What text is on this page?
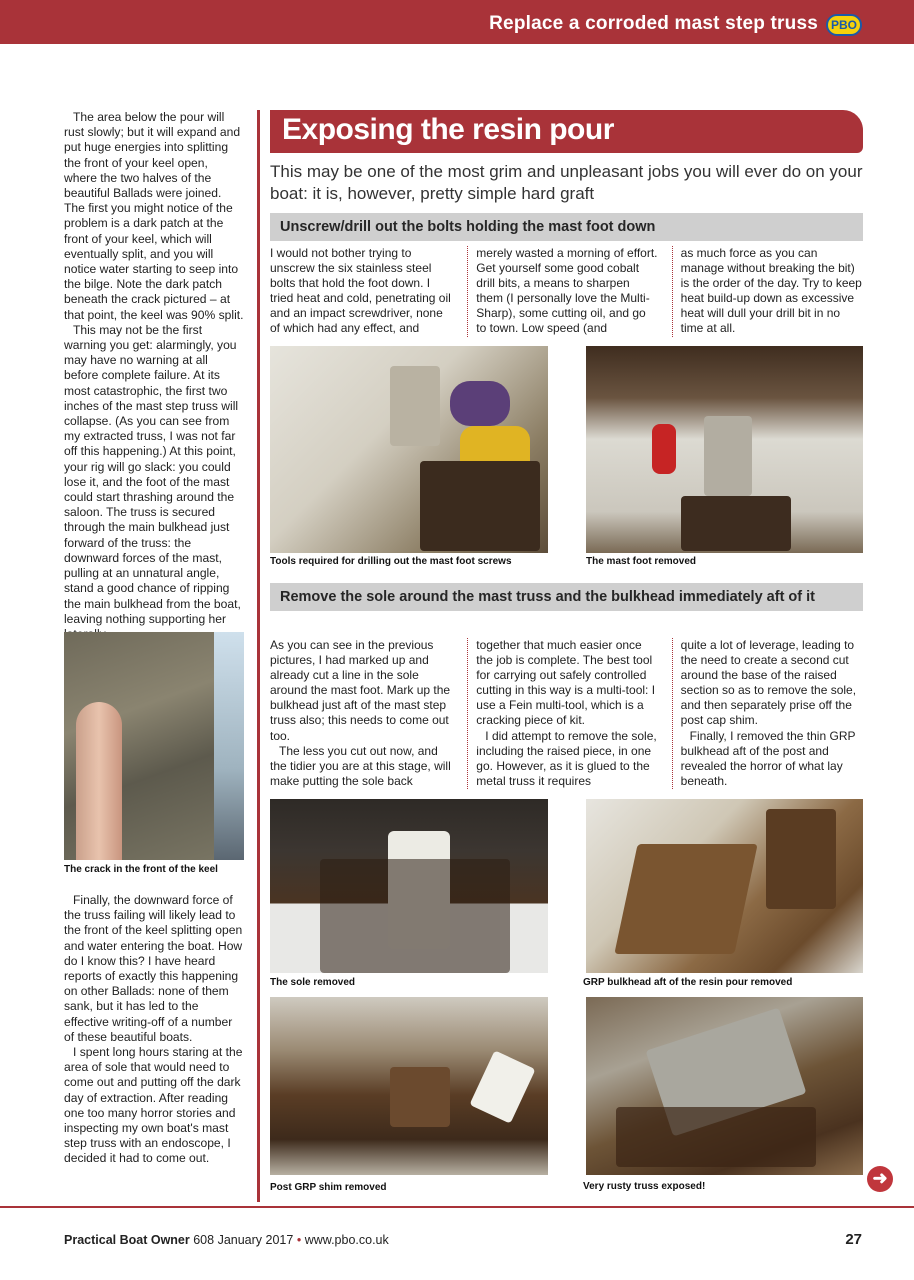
Replace a corroded mast step truss	PBO

The area below the pour will rust slowly; but it will expand and put huge energies into splitting the front of your keel open, where the two halves of the beautiful Ballads were joined. The first you might notice of the problem is a dark patch at the front of your keel, which will eventually split, and you will notice water starting to seep into the bilge. Note the dark patch beneath the crack pictured – at that point, the keel was 90% split.

This may not be the first warning you get: alarmingly, you may have no warning at all before complete failure. At its most catastrophic, the first two inches of the mast step truss will collapse. (As you can see from my extracted truss, I was not far off this happening.) At this point, your rig will go slack: you could lose it, and the foot of the mast could start thrashing around the saloon. The truss is secured through the main bulkhead just forward of the truss: the downward forces of the mast, pulling at an unnatural angle, stand a good chance of ripping the main bulkhead from the boat, leaving nothing supporting her

The crack in the front of the keel

Finally, the downward force of the truss failing will likely lead to the front of the keel splitting open and water entering the boat. How do I know this? I have heard reports of exactly this happening on other Ballads: none of them sank, but it has led to the effective writing-off of a number of these beautiful boats.

I spent long hours staring at the area of sole that would need to come out and putting off the dark day of extraction. After reading one too many horror stories and inspecting my own boat's mast step truss with an endoscope, I decided it had to come out.

Exposing the resin pour
This may be one of the most grim and unpleasant jobs you will ever do on your boat: it is, however, pretty simple hard graft
Unscrew/drill out the bolts holding the mast foot down

I would not bother trying to unscrew the six stainless steel bolts that hold the foot down. I tried heat and cold, penetrating oil and an impact screwdriver, none of which had any effect, and

merely wasted a morning of effort. Get yourself some good cobalt drill bits, a means to sharpen them (I personally love the Multi-Sharp), some cutting oil, and go to town. Low speed (and

as much force as you can manage without breaking the bit) is the order of the day. Try to keep heat build-up down as excessive heat will dull your drill bit in no time at all.

Tools required for drilling out the mast foot screws	The mast foot removed
Remove the sole around the mast truss and the bulkhead immediately aft of it

As you can see in the previous pictures, I had marked up and already cut a line in the sole around the mast foot. Mark up the bulkhead just aft of the mast step truss also; this needs to come out too.

The less you cut out now, and the tidier you are at this stage, will make putting the sole back

together that much easier once the job is complete. The best tool for carrying out safely controlled cutting in this way is a multi-tool: I use a Fein multi-tool, which is a cracking piece of kit.

I did attempt to remove the sole, including the raised piece, in one go. However, as it is glued to the metal truss it requires

quite a lot of leverage, leading to the need to create a second cut around the base of the raised section so as to remove the sole, and then separately prise off the post cap shim.

Finally, I removed the thin GRP bulkhead aft of the post and revealed the horror of what lay beneath.

The sole removed	GRP bulkhead aft of the resin pour removed
Post GRP shim removed	Very rusty truss exposed!	➜
Practical Boat Owner 608 January 2017 • www.pbo.co.uk	27
